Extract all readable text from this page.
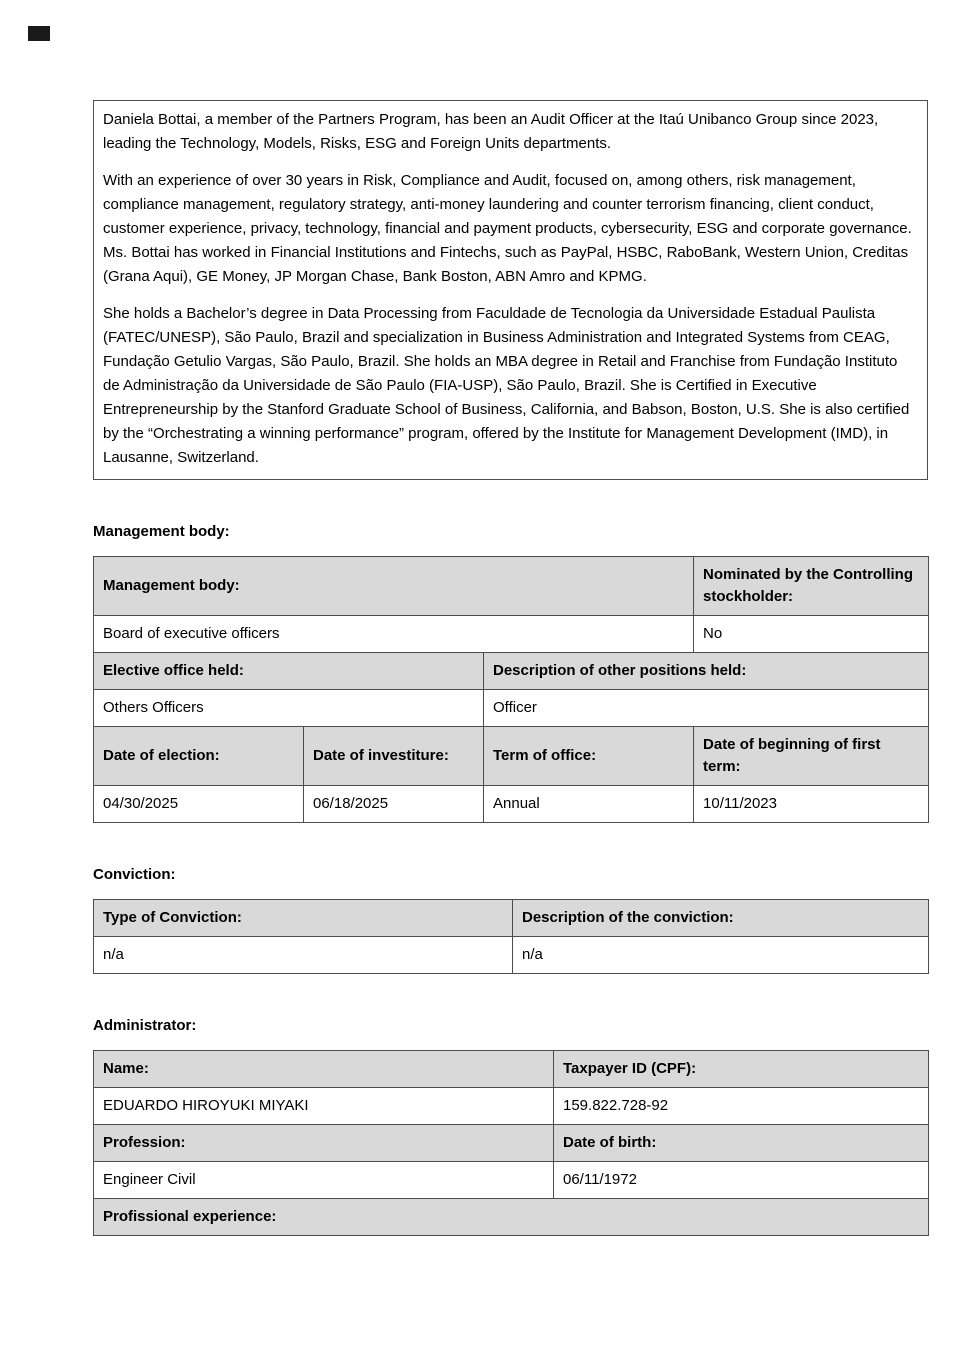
Daniela Bottai, a member of the Partners Program, has been an Audit Officer at the Itaú Unibanco Group since 2023, leading the Technology, Models, Risks, ESG and Foreign Units departments.

With an experience of over 30 years in Risk, Compliance and Audit, focused on, among others, risk management, compliance management, regulatory strategy, anti-money laundering and counter terrorism financing, client conduct, customer experience, privacy, technology, financial and payment products, cybersecurity, ESG and corporate governance. Ms. Bottai has worked in Financial Institutions and Fintechs, such as PayPal, HSBC, RaboBank, Western Union, Creditas (Grana Aqui), GE Money, JP Morgan Chase, Bank Boston, ABN Amro and KPMG.

She holds a Bachelor’s degree in Data Processing from Faculdade de Tecnologia da Universidade Estadual Paulista (FATEC/UNESP), São Paulo, Brazil and specialization in Business Administration and Integrated Systems from CEAG, Fundação Getulio Vargas, São Paulo, Brazil. She holds an MBA degree in Retail and Franchise from Fundação Instituto de Administração da Universidade de São Paulo (FIA-USP), São Paulo, Brazil. She is Certified in Executive Entrepreneurship by the Stanford Graduate School of Business, California, and Babson, Boston, U.S. She is also certified by the “Orchestrating a winning performance” program, offered by the Institute for Management Development (IMD), in Lausanne, Switzerland.

Management body:
Management body:			Nominated by the Controlling stockholder:
Board of executive officers			No
Elective office held:		Description of other positions held:	
Others Officers		Officer	
Date of election:	Date of investiture:	Term of office:	Date of beginning of first term:
04/30/2025	06/18/2025	Annual	10/11/2023
Conviction:
Type of Conviction:	Description of the conviction:
n/a	n/a
Administrator:
Name:	Taxpayer ID (CPF):
EDUARDO HIROYUKI MIYAKI	159.822.728-92
Profession:	Date of birth:
Engineer Civil	06/11/1972
Profissional experience:	
